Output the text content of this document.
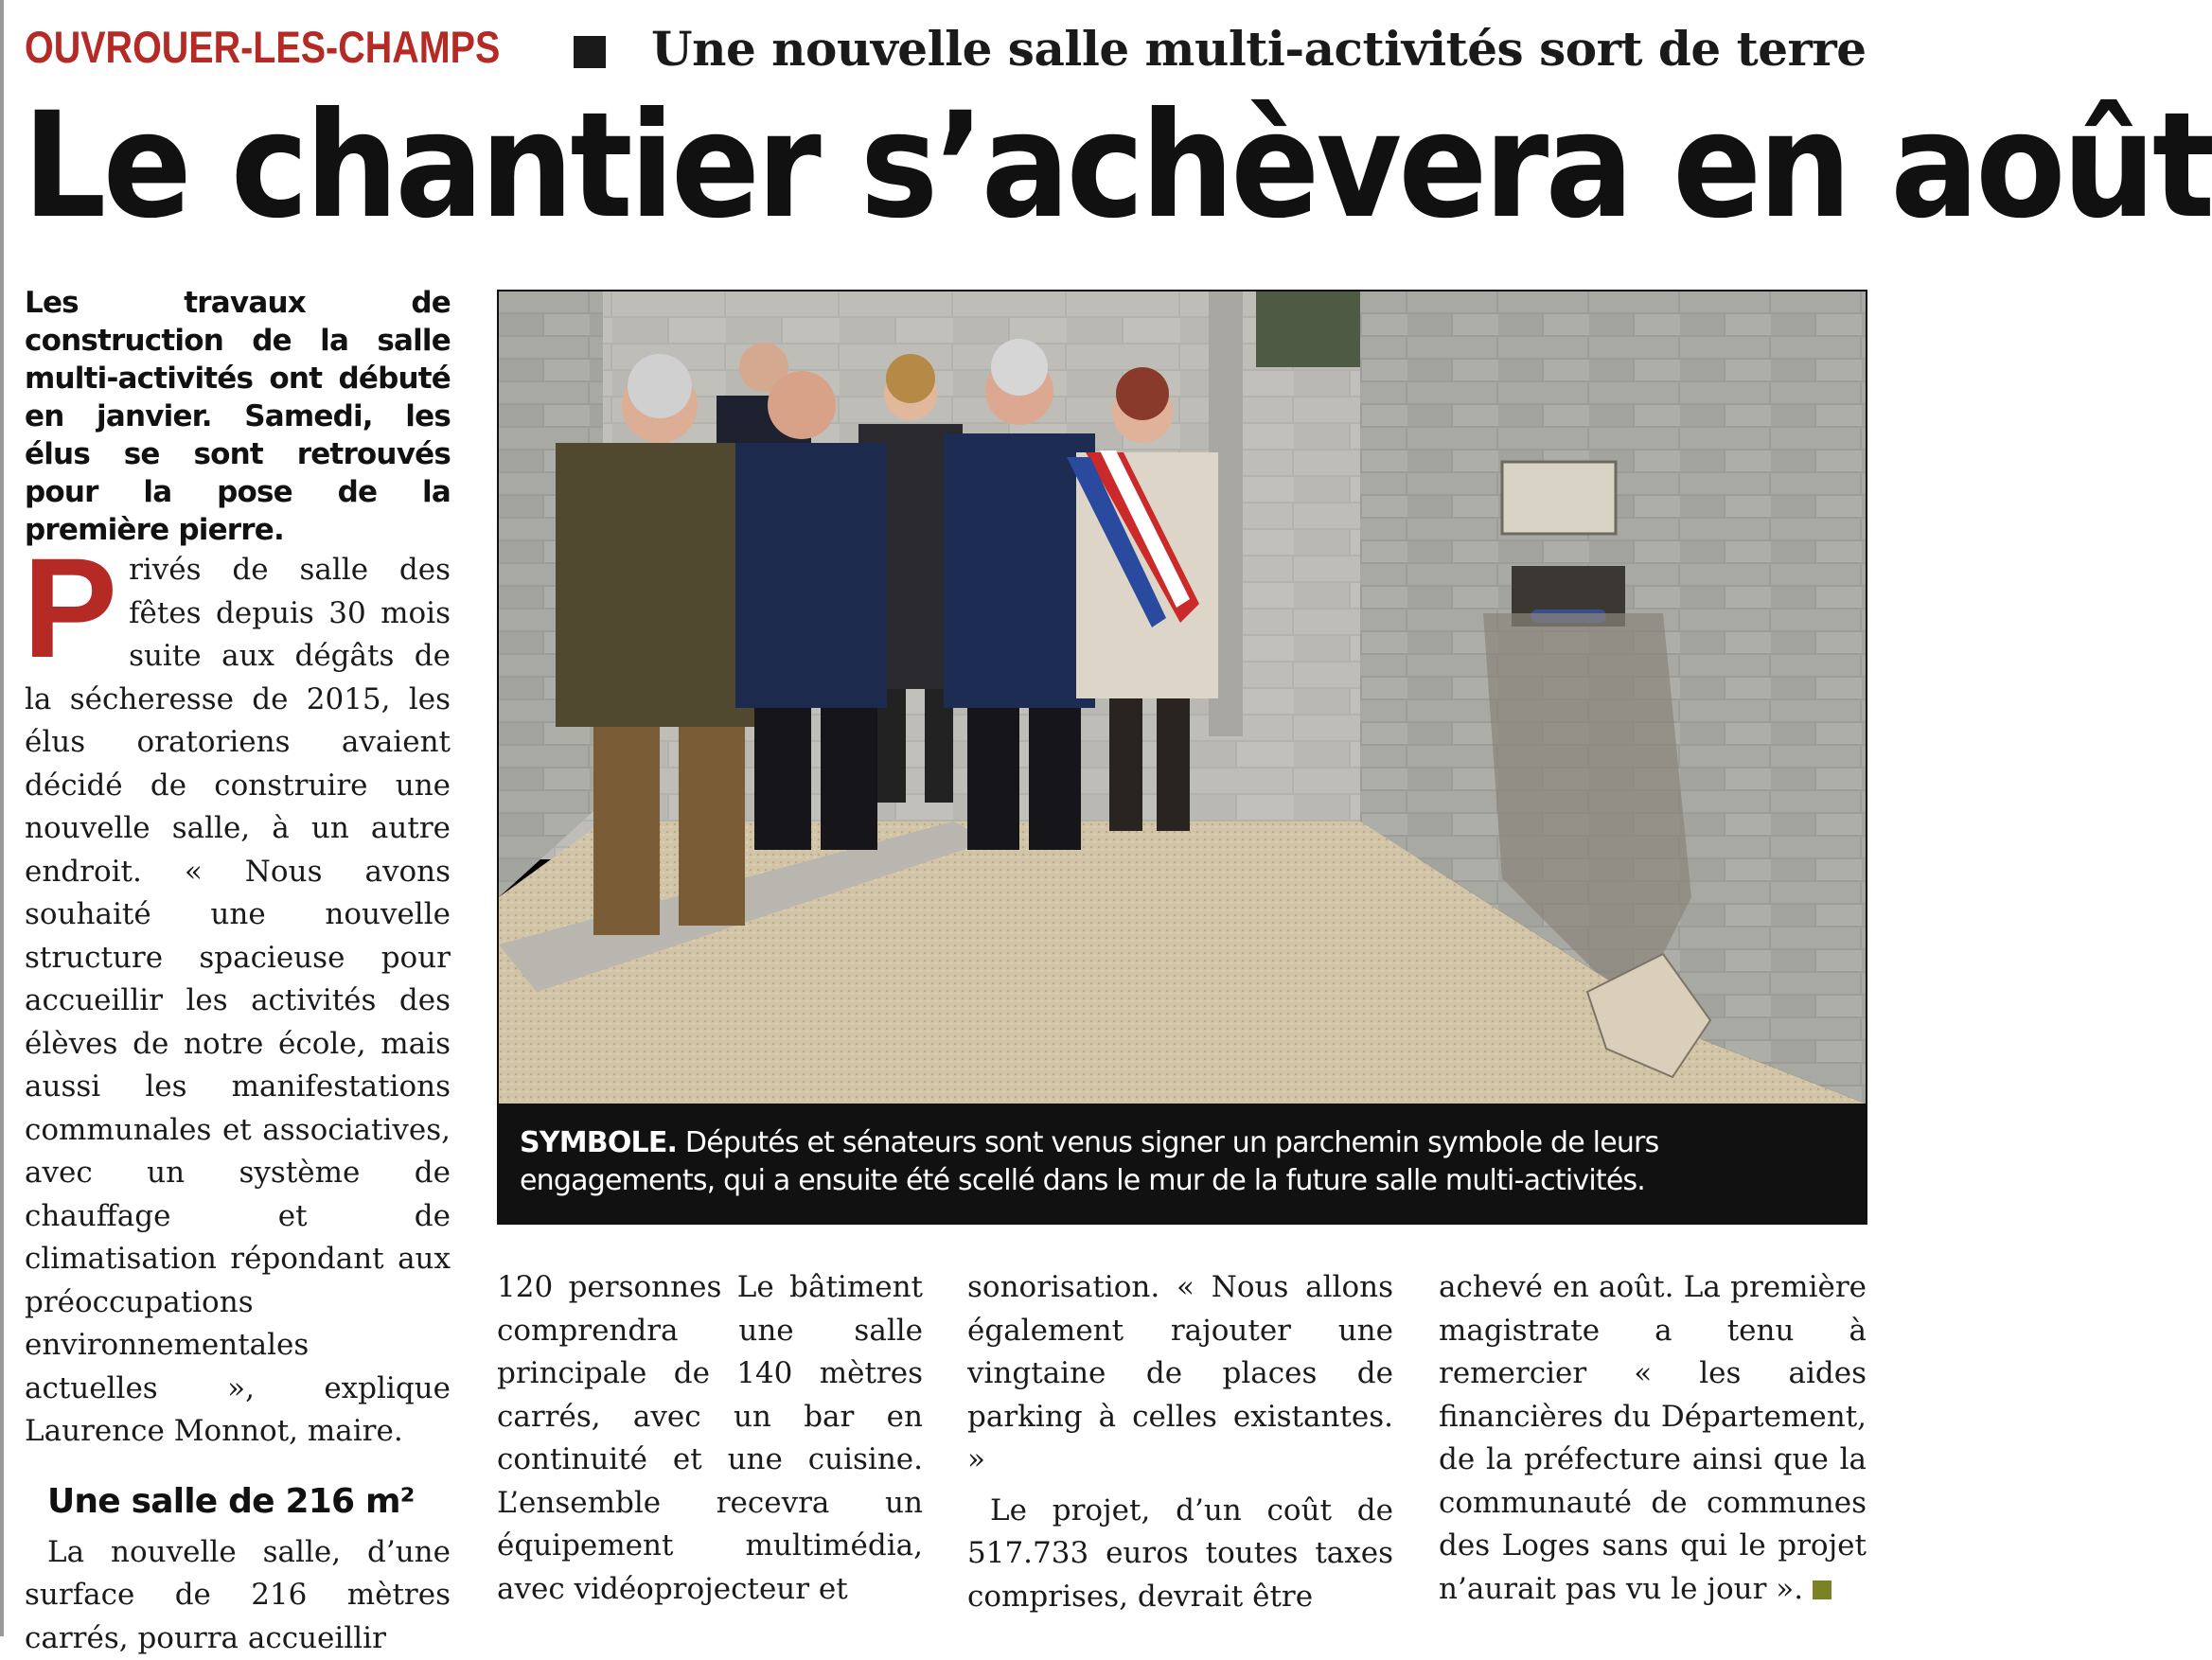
OUVROUER-LES-CHAMPS	Une nouvelle salle multi-activités sort de terre
Le chantier s’achèvera en août
Les travaux de construction de la salle multi-activités ont débuté en janvier. Samedi, les élus se sont retrouvés pour la pose de la première pierre.
P rivés de salle des fêtes depuis 30 mois suite aux dégâts de la sécheresse de 2015, les élus oratoriens avaient décidé de construire une nouvelle salle, à un autre endroit. « Nous avons souhaité une nouvelle structure spacieuse pour accueillir les activités des élèves de notre école, mais aussi les manifestations communales et associatives, avec un système de chauffage et de climatisation répondant aux préoccupations environnementales actuelles », explique Laurence Monnot, maire.

Une salle de 216 m²

La nouvelle salle, d’une surface de 216 mètres carrés, pourra accueillir

SYMBOLE. Députés et sénateurs sont venus signer un parchemin symbole de leurs engagements, qui a ensuite été scellé dans le mur de la future salle multi-activités.

120 personnes Le bâtiment comprendra une salle principale de 140 mètres carrés, avec un bar en continuité et une cuisine. L’ensemble recevra un équipement multimédia, avec vidéoprojecteur et

sonorisation. « Nous allons également rajouter une vingtaine de places de parking à celles existantes. »

Le projet, d’un coût de 517.733 euros toutes taxes comprises, devrait être

achevé en août. La première magistrate a tenu à remercier « les aides financières du Département, de la préfecture ainsi que la communauté de communes des Loges sans qui le projet n’aurait pas vu le jour ».
